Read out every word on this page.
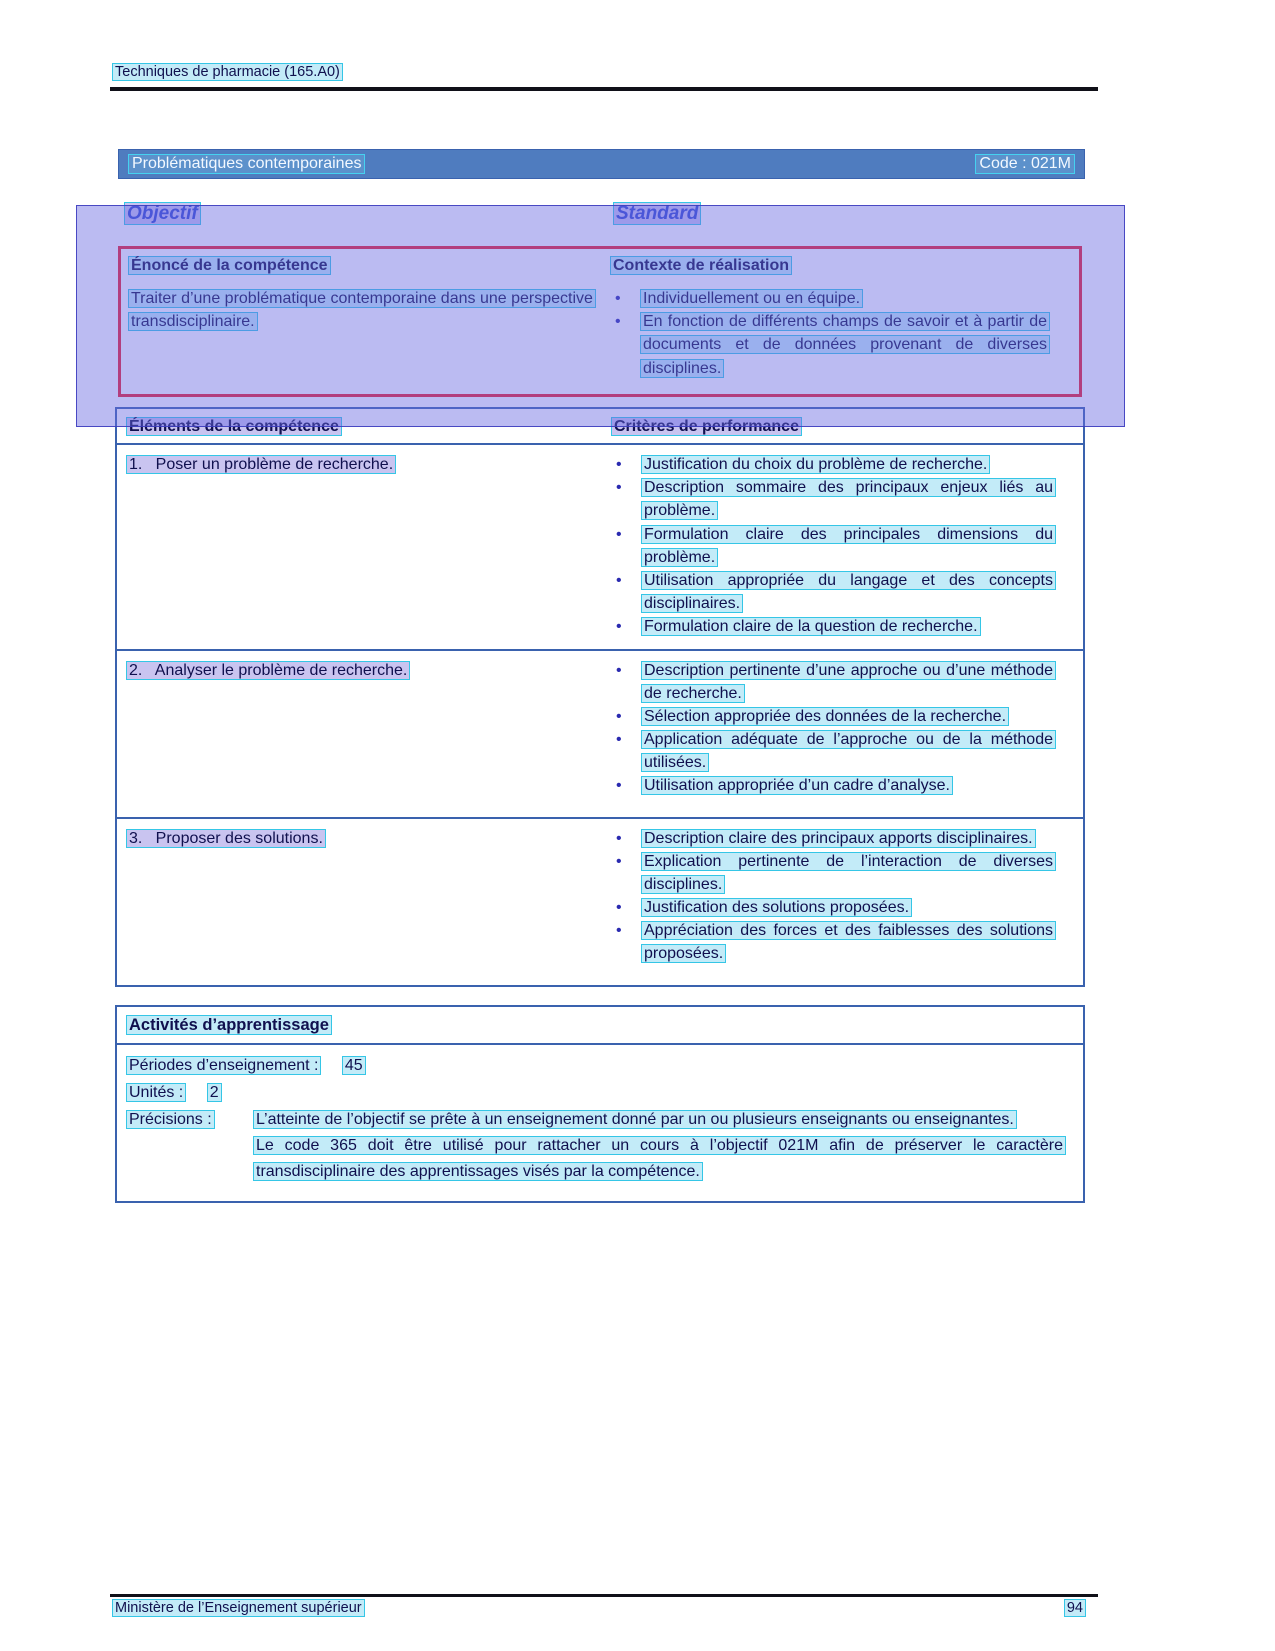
Techniques de pharmacie (165.A0)
Problématiques contemporaines	Code : 021M
Objectif	Standard
Énoncé de la compétence	Contexte de réalisation
Traiter d’une problématique contemporaine dans une perspective transdisciplinaire.
•	Individuellement ou en équipe.
•	En fonction de différents champs de savoir et à partir de documents et de données provenant de diverses disciplines.
Éléments de la compétence	Critères de performance
1.   Poser un problème de recherche.	•	Justification du choix du problème de recherche.
•	Description sommaire des principaux enjeux liés au problème.
•	Formulation claire des principales dimensions du problème.
•	Utilisation appropriée du langage et des concepts disciplinaires.
•	Formulation claire de la question de recherche.
2.   Analyser le problème de recherche.	•	Description pertinente d’une approche ou d’une méthode de recherche.
•	Sélection appropriée des données de la recherche.
•	Application adéquate de l’approche ou de la méthode utilisées.
•	Utilisation appropriée d’un cadre d’analyse.
3.   Proposer des solutions.	•	Description claire des principaux apports disciplinaires.
•	Explication pertinente de l’interaction de diverses disciplines.
•	Justification des solutions proposées.
•	Appréciation des forces et des faiblesses des solutions proposées.
Activités d’apprentissage
Périodes d’enseignement : 45
Unités : 2
Précisions :	L’atteinte de l’objectif se prête à un enseignement donné par un ou plusieurs enseignants ou enseignantes.

Le code 365 doit être utilisé pour rattacher un cours à l’objectif 021M afin de préserver le caractère transdisciplinaire des apprentissages visés par la compétence.

Ministère de l’Enseignement supérieur	94
